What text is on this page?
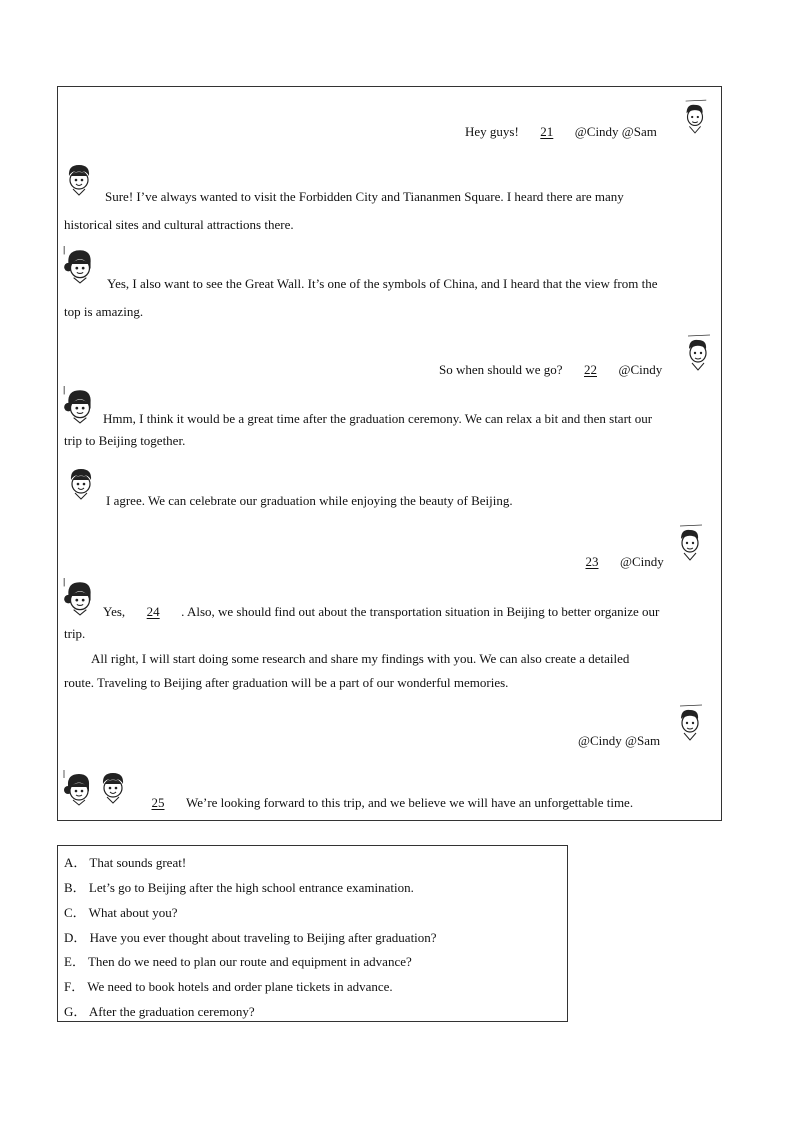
Hey guys! 21 @Cindy @Sam
Sure! I’ve always wanted to visit the Forbidden City and Tiananmen Square. I heard there are many
historical sites and cultural attractions there.
Yes, I also want to see the Great Wall. It’s one of the symbols of China, and I heard that the view from the
top is amazing.
So when should we go? 22 @Cindy
Hmm, I think it would be a great time after the graduation ceremony. We can relax a bit and then start our
trip to Beijing together.
I agree. We can celebrate our graduation while enjoying the beauty of Beijing.
23 @Cindy
Yes, 24 . Also, we should find out about the transportation situation in Beijing to better organize our
trip.
All right, I will start doing some research and share my findings with you. We can also create a detailed
route. Traveling to Beijing after graduation will be a part of our wonderful memories.
@Cindy @Sam
25 We’re looking forward to this trip, and we believe we will have an unforgettable time.
A． That sounds great!
B． Let’s go to Beijing after the high school entrance examination.
C． What about you?
D． Have you ever thought about traveling to Beijing after graduation?
E． Then do we need to plan our route and equipment in advance?
F． We need to book hotels and order plane tickets in advance.
G． After the graduation ceremony?
